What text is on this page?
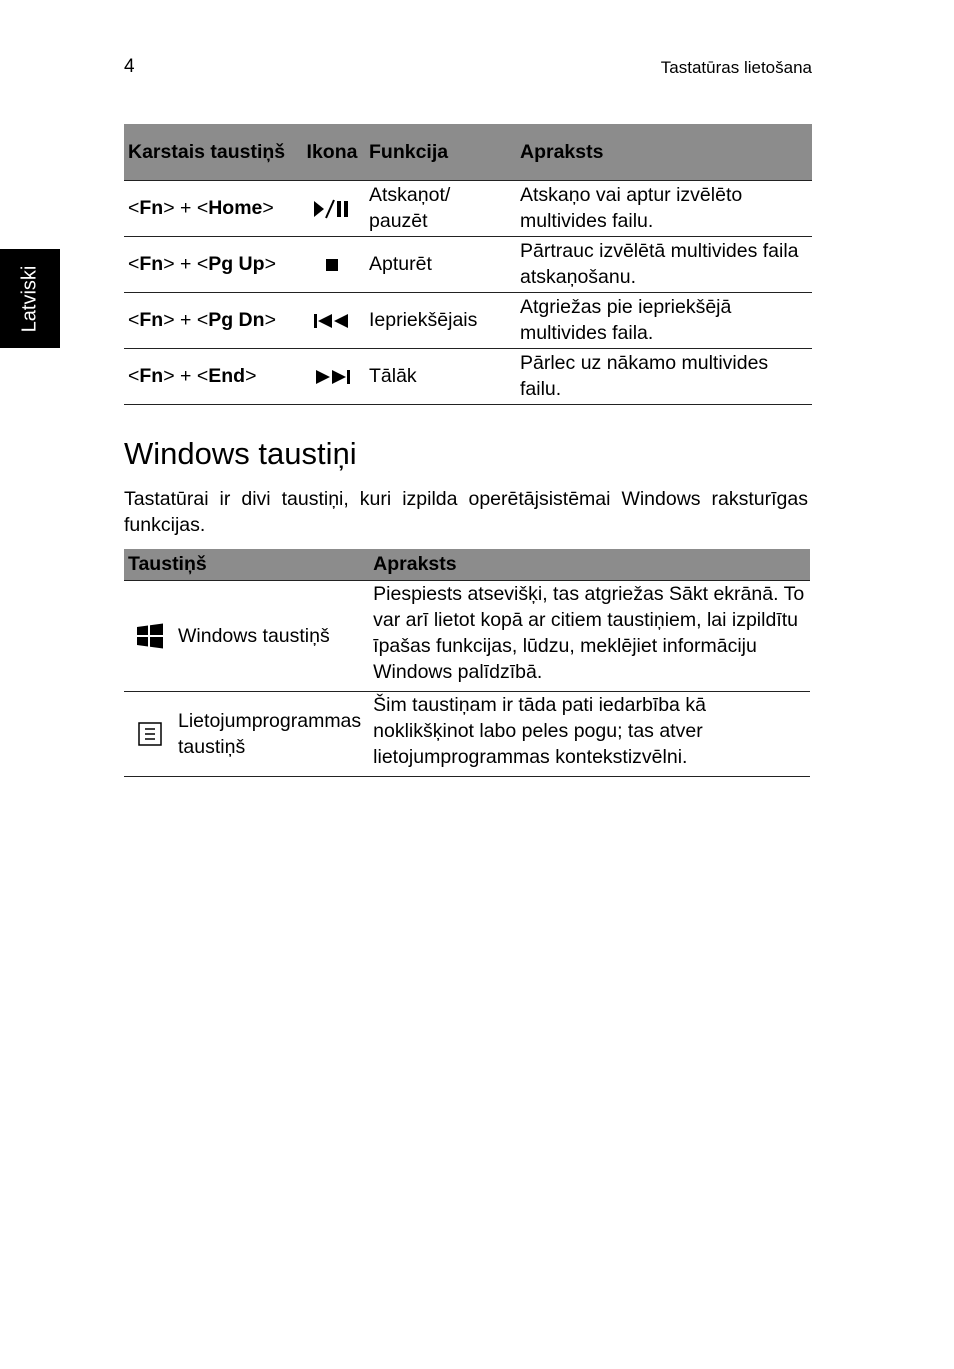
4	Tastatūras lietošana
Latviski
Karstais taustiņš	Ikona	Funkcija	Apraksts
<Fn> + <Home>		Atskaņot/ pauzēt	Atskaņo vai aptur izvēlēto multivides failu.
<Fn> + <Pg Up>		Apturēt	Pārtrauc izvēlētā multivides faila atskaņošanu.
<Fn> + <Pg Dn>		Iepriekšējais	Atgriežas pie iepriekšējā multivides faila.
<Fn> + <End>		Tālāk	Pārlec uz nākamo multivides failu.
Windows taustiņi

Tastatūrai ir divi taustiņi, kuri izpilda operētājsistēmai Windows raksturīgas funkcijas.

Taustiņš		Apraksts
	Windows taustiņš	Piespiests atsevišķi, tas atgriežas Sākt ekrānā. To var arī lietot kopā ar citiem taustiņiem, lai izpildītu īpašas funkcijas, lūdzu, meklējiet informāciju Windows palīdzībā.
	Lietojumprogrammas taustiņš	Šim taustiņam ir tāda pati iedarbība kā noklikšķinot labo peles pogu; tas atver lietojumprogrammas kontekstizvēlni.
